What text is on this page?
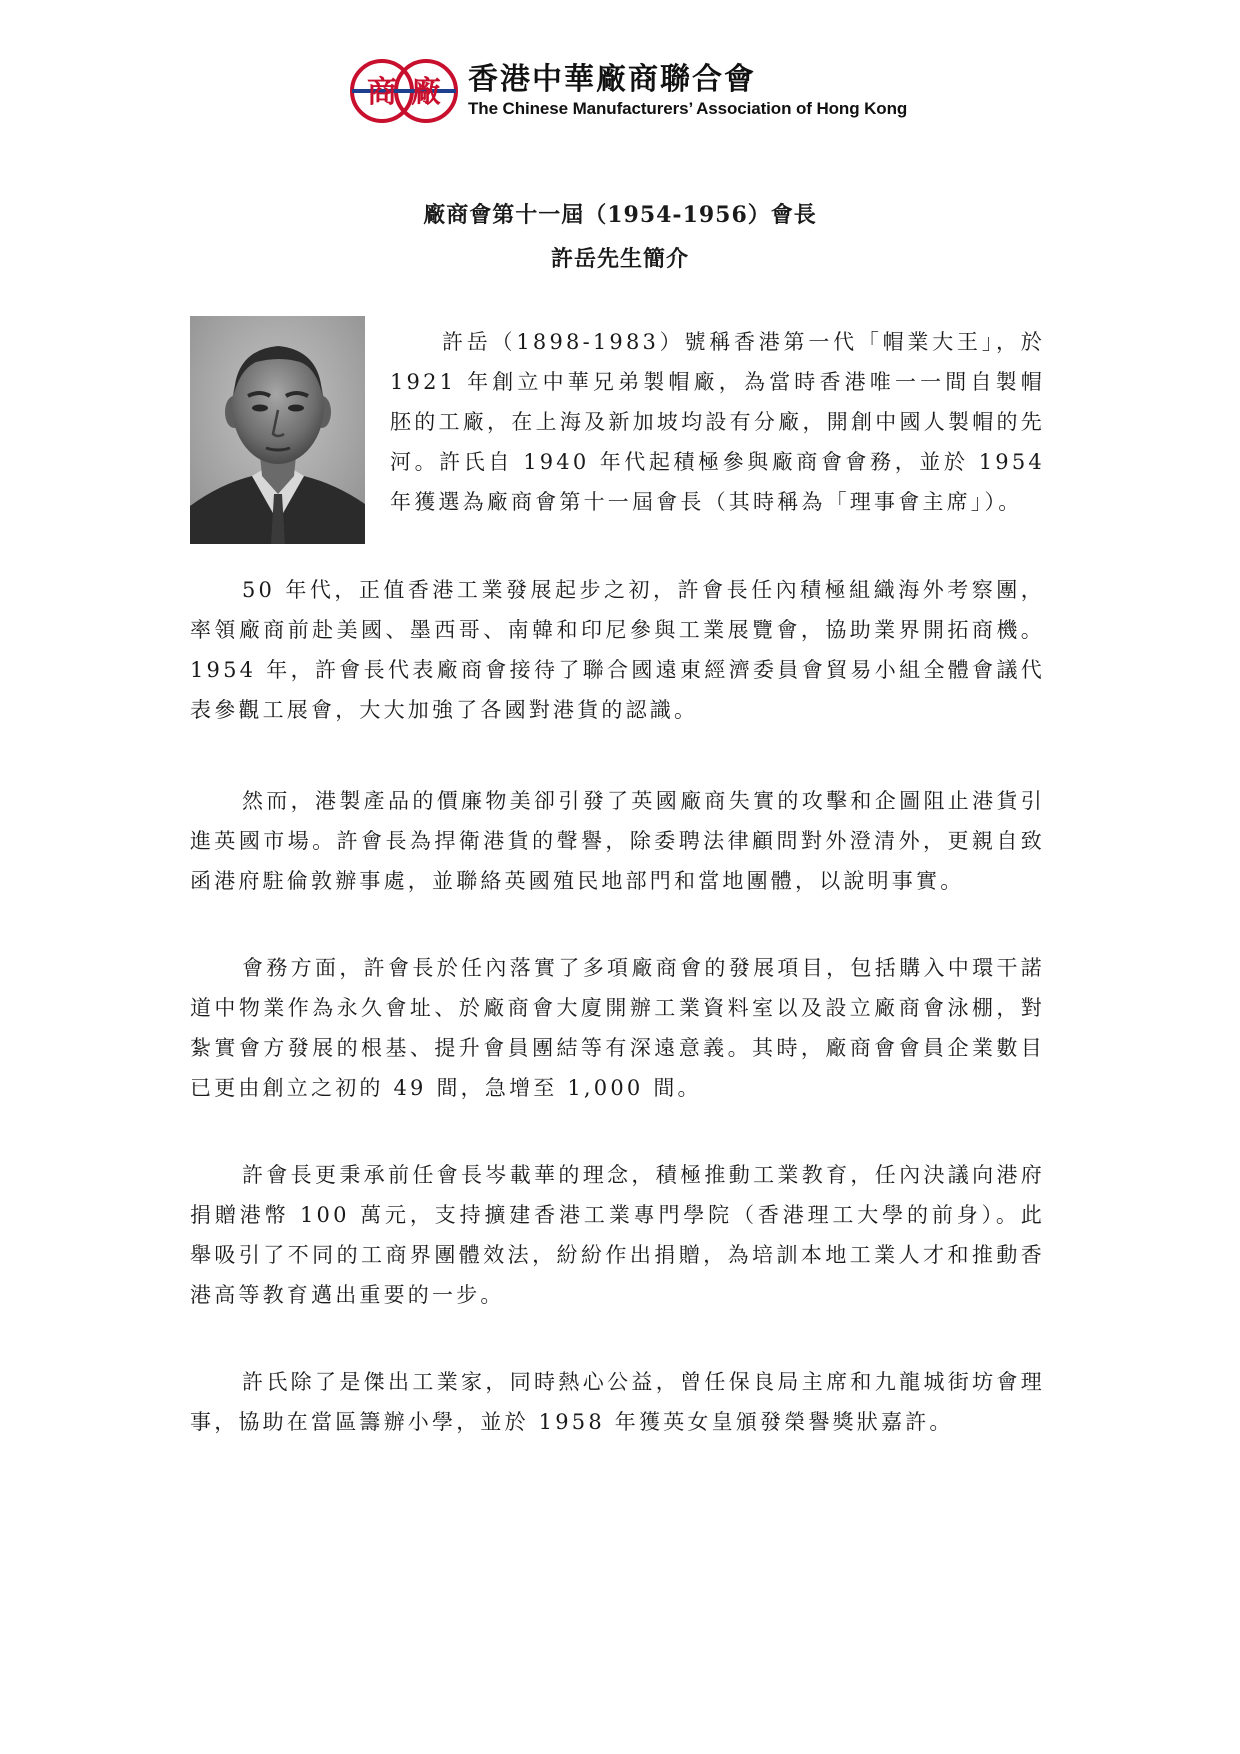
商 廠 香港中華廠商聯合會
The Chinese Manufacturers’ Association of Hong Kong
廠商會第十一屆（1954-1956）會長
許岳先生簡介

許岳（1898-1983）號稱香港第一代「帽業大王」，於 1921 年創立中華兄弟製帽廠，為當時香港唯一一間自製帽胚的工廠，在上海及新加坡均設有分廠，開創中國人製帽的先河。許氏自 1940 年代起積極參與廠商會會務，並於 1954 年獲選為廠商會第十一屆會長（其時稱為「理事會主席」）。

50 年代，正值香港工業發展起步之初，許會長任內積極組織海外考察團，率領廠商前赴美國、墨西哥、南韓和印尼參與工業展覽會，協助業界開拓商機。1954 年，許會長代表廠商會接待了聯合國遠東經濟委員會貿易小組全體會議代表參觀工展會，大大加強了各國對港貨的認識。

然而，港製產品的價廉物美卻引發了英國廠商失實的攻擊和企圖阻止港貨引進英國市場。許會長為捍衛港貨的聲譽，除委聘法律顧問對外澄清外，更親自致函港府駐倫敦辦事處，並聯絡英國殖民地部門和當地團體，以說明事實。

會務方面，許會長於任內落實了多項廠商會的發展項目，包括購入中環干諾道中物業作為永久會址、於廠商會大廈開辦工業資料室以及設立廠商會泳棚，對紮實會方發展的根基、提升會員團結等有深遠意義。其時，廠商會會員企業數目已更由創立之初的 49 間，急增至 1,000 間。

許會長更秉承前任會長岑載華的理念，積極推動工業教育，任內決議向港府捐贈港幣 100 萬元，支持擴建香港工業專門學院（香港理工大學的前身）。此舉吸引了不同的工商界團體效法，紛紛作出捐贈，為培訓本地工業人才和推動香港高等教育邁出重要的一步。

許氏除了是傑出工業家，同時熱心公益，曾任保良局主席和九龍城街坊會理事，協助在當區籌辦小學，並於 1958 年獲英女皇頒發榮譽獎狀嘉許。
